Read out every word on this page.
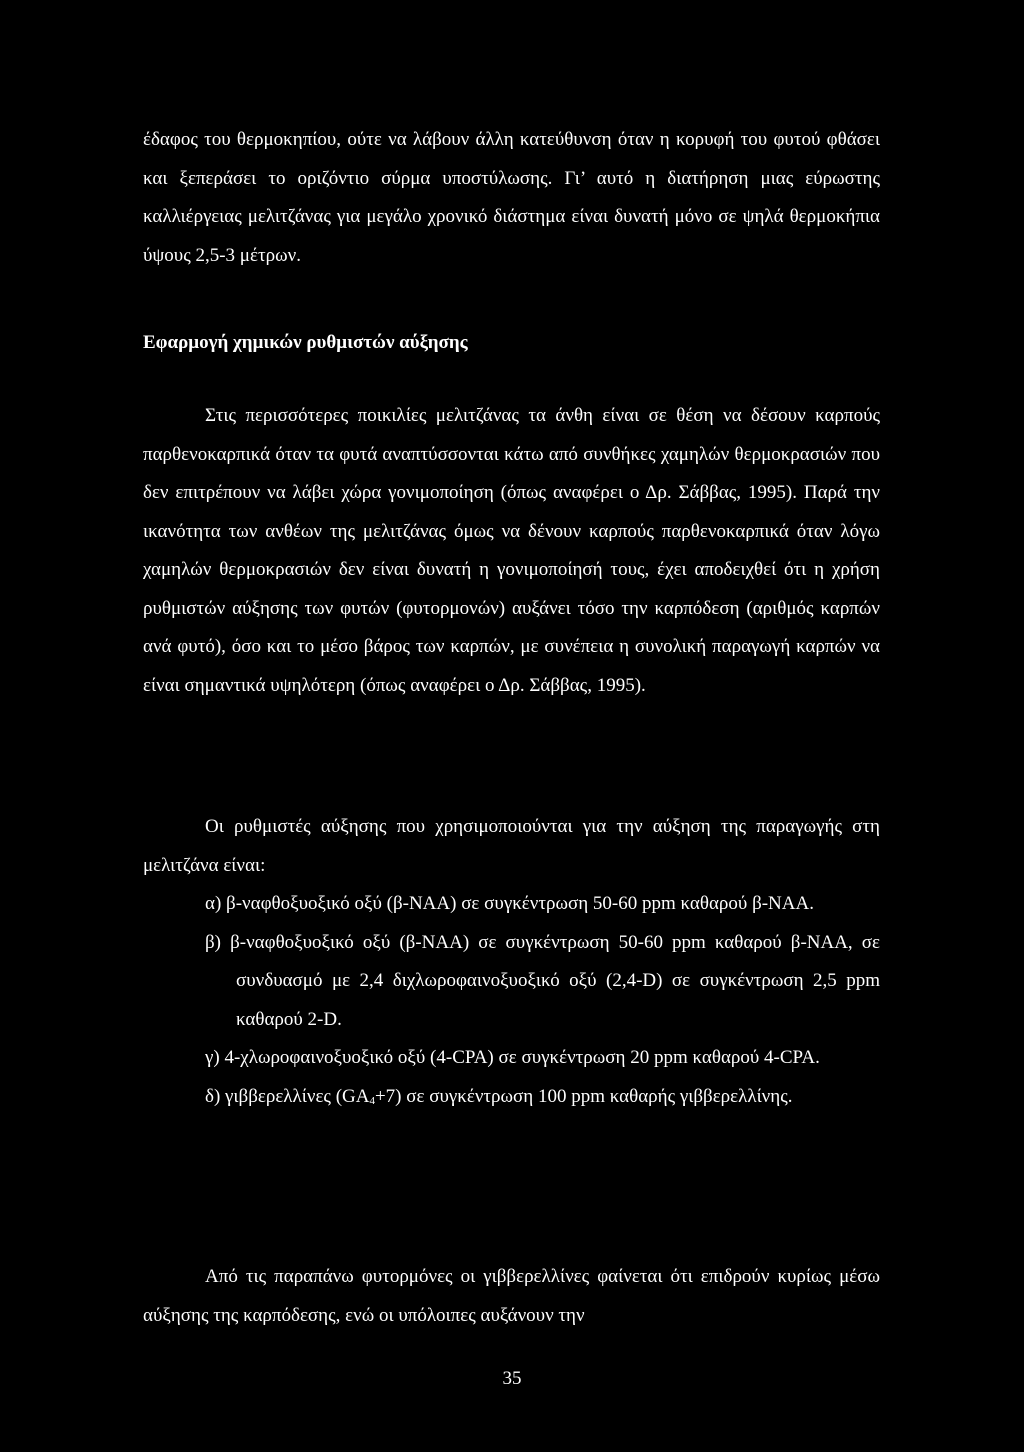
έδαφος του θερμοκηπίου, ούτε να λάβουν άλλη κατεύθυνση όταν η κορυφή του φυτού φθάσει και ξεπεράσει το οριζόντιο σύρμα υποστύλωσης. Γι’ αυτό η διατήρηση μιας εύρωστης καλλιέργειας μελιτζάνας για μεγάλο χρονικό διάστημα είναι δυνατή μόνο σε ψηλά θερμοκήπια ύψους 2,5-3 μέτρων.

Εφαρμογή χημικών ρυθμιστών αύξησης

Στις περισσότερες ποικιλίες μελιτζάνας τα άνθη είναι σε θέση να δέσουν καρπούς παρθενοκαρπικά όταν τα φυτά αναπτύσσονται κάτω από συνθήκες χαμηλών θερμοκρασιών που δεν επιτρέπουν να λάβει χώρα γονιμοποίηση (όπως αναφέρει ο Δρ. Σάββας, 1995). Παρά την ικανότητα των ανθέων της μελιτζάνας όμως να δένουν καρπούς παρθενοκαρπικά όταν λόγω χαμηλών θερμοκρασιών δεν είναι δυνατή η γονιμοποίησή τους, έχει αποδειχθεί ότι η χρήση ρυθμιστών αύξησης των φυτών (φυτορμονών) αυξάνει τόσο την καρπόδεση (αριθμός καρπών ανά φυτό), όσο και το μέσο βάρος των καρπών, με συνέπεια η συνολική παραγωγή καρπών να είναι σημαντικά υψηλότερη (όπως αναφέρει ο Δρ. Σάββας, 1995).

Οι ρυθμιστές αύξησης που χρησιμοποιούνται για την αύξηση της παραγωγής στη μελιτζάνα είναι:

α) β-ναφθοξυοξικό οξύ (β-NAA) σε συγκέντρωση 50-60 ppm καθαρού β-NAA.
β) β-ναφθοξυοξικό οξύ (β-NAA) σε συγκέντρωση 50-60 ppm καθαρού β-NAA, σε συνδυασμό με 2,4 διχλωροφαινοξυοξικό οξύ (2,4-D) σε συγκέντρωση 2,5 ppm καθαρού 2-D.
γ) 4-χλωροφαινοξυοξικό οξύ (4-CPA) σε συγκέντρωση 20 ppm καθαρού 4-CPA.
δ) γιββερελλίνες $(GA_4+7)$ σε συγκέντρωση 100 ppm καθαρής γιββερελλίνης.

Από τις παραπάνω φυτορμόνες οι γιββερελλίνες φαίνεται ότι επιδρούν κυρίως μέσω αύξησης της καρπόδεσης, ενώ οι υπόλοιπες αυξάνουν την

35
